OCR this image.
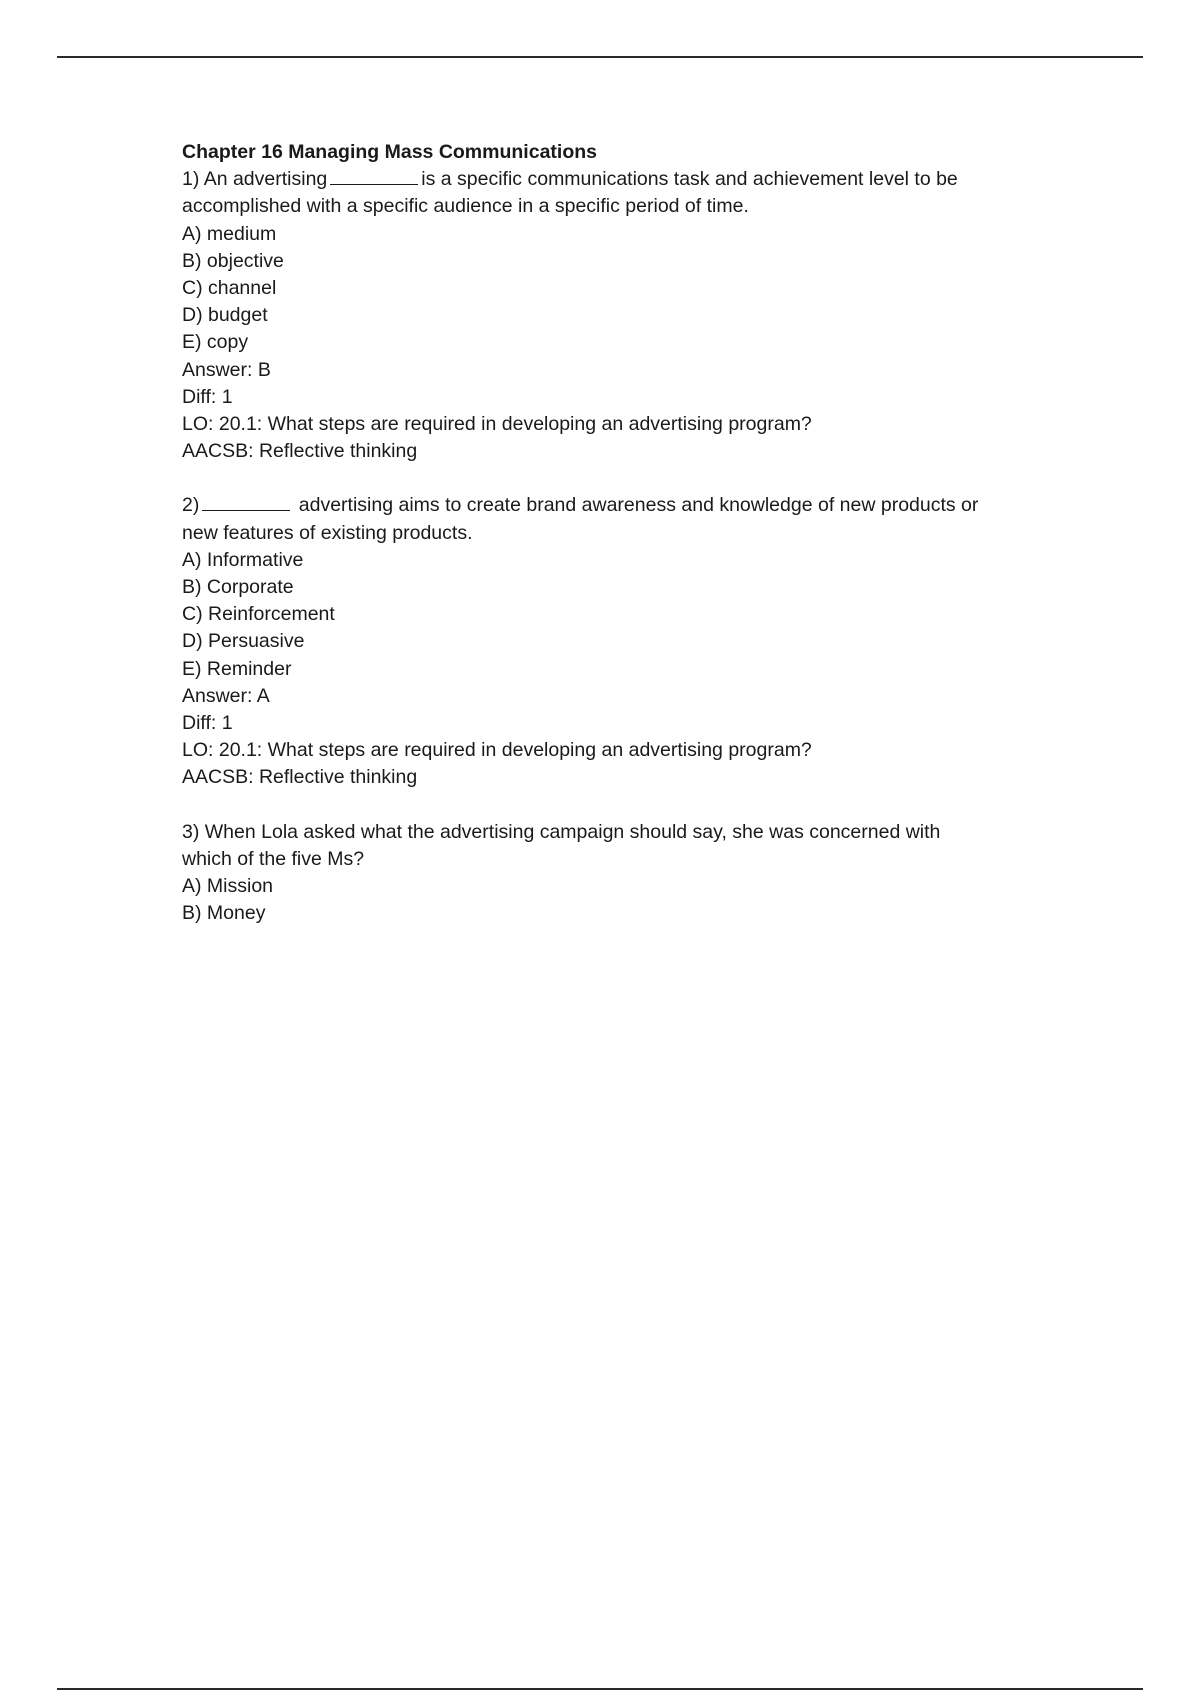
Chapter 16 Managing Mass Communications
1) An advertising	is a specific communications task and achievement level to be
accomplished with a specific audience in a specific period of time.
A) medium
B) objective
C) channel
D) budget
E) copy
Answer: B
Diff: 1
LO: 20.1: What steps are required in developing an advertising program?
AACSB: Reflective thinking
2)	advertising aims to create brand awareness and knowledge of new products or
new features of existing products.
A) Informative
B) Corporate
C) Reinforcement
D) Persuasive
E) Reminder
Answer: A
Diff: 1
LO: 20.1: What steps are required in developing an advertising program?
AACSB: Reflective thinking
3) When Lola asked what the advertising campaign should say, she was concerned with
which of the five Ms?
A) Mission
B) Money
